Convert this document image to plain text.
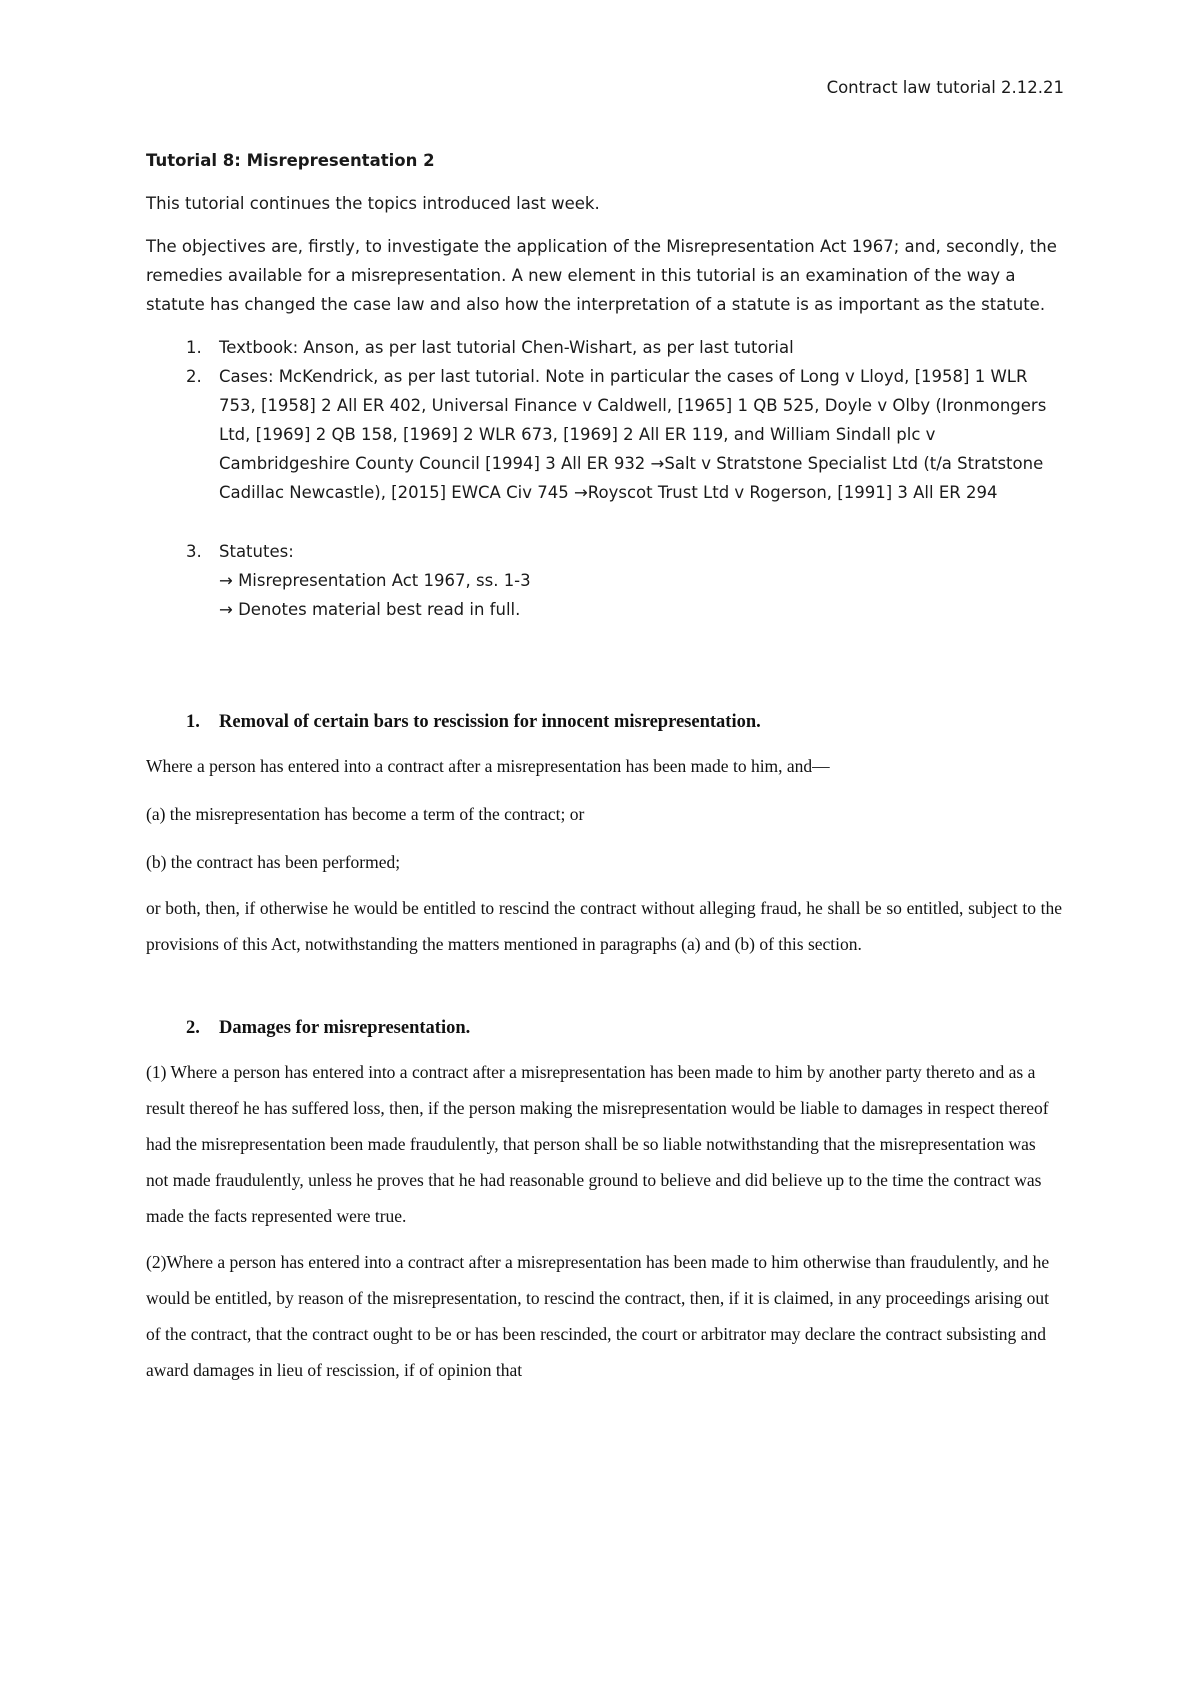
Contract law tutorial 2.12.21
Tutorial 8: Misrepresentation 2

This tutorial continues the topics introduced last week.

The objectives are, firstly, to investigate the application of the Misrepresentation Act 1967; and, secondly, the remedies available for a misrepresentation. A new element in this tutorial is an examination of the way a statute has changed the case law and also how the interpretation of a statute is as important as the statute.

1. Textbook: Anson, as per last tutorial Chen-Wishart, as per last tutorial
2. Cases: McKendrick, as per last tutorial. Note in particular the cases of Long v Lloyd, [1958] 1 WLR 753, [1958] 2 All ER 402, Universal Finance v Caldwell, [1965] 1 QB 525, Doyle v Olby (Ironmongers Ltd, [1969] 2 QB 158, [1969] 2 WLR 673, [1969] 2 All ER 119, and William Sindall plc v Cambridgeshire County Council [1994] 3 All ER 932 →Salt v Stratstone Specialist Ltd (t/a Stratstone Cadillac Newcastle), [2015] EWCA Civ 745 →Royscot Trust Ltd v Rogerson, [1991] 3 All ER 294
3. Statutes:
→ Misrepresentation Act 1967, ss. 1-3
→ Denotes material best read in full.
1. Removal of certain bars to rescission for innocent misrepresentation.

Where a person has entered into a contract after a misrepresentation has been made to him, and—

(a) the misrepresentation has become a term of the contract; or

(b) the contract has been performed;

or both, then, if otherwise he would be entitled to rescind the contract without alleging fraud, he shall be so entitled, subject to the provisions of this Act, notwithstanding the matters mentioned in paragraphs (a) and (b) of this section.

2. Damages for misrepresentation.

(1) Where a person has entered into a contract after a misrepresentation has been made to him by another party thereto and as a result thereof he has suffered loss, then, if the person making the misrepresentation would be liable to damages in respect thereof had the misrepresentation been made fraudulently, that person shall be so liable notwithstanding that the misrepresentation was not made fraudulently, unless he proves that he had reasonable ground to believe and did believe up to the time the contract was made the facts represented were true.

(2)Where a person has entered into a contract after a misrepresentation has been made to him otherwise than fraudulently, and he would be entitled, by reason of the misrepresentation, to rescind the contract, then, if it is claimed, in any proceedings arising out of the contract, that the contract ought to be or has been rescinded, the court or arbitrator may declare the contract subsisting and award damages in lieu of rescission, if of opinion that
